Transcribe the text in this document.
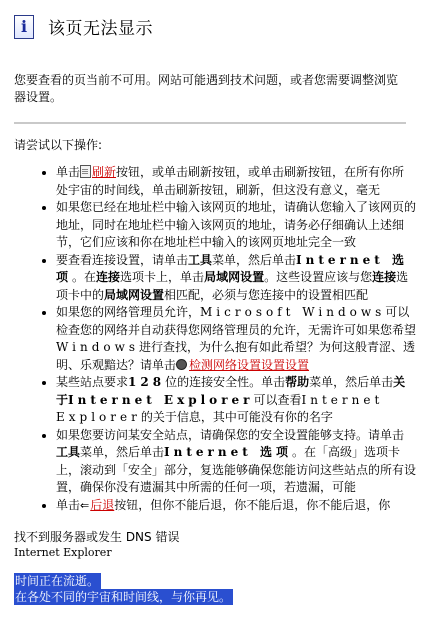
i 该页无法显示
您要查看的页当前不可用。网站可能遇到技术问题，或者您需要调整浏览器设置。
请尝试以下操作:
• 单击 刷新按钮，或单击刷新按钮，或单击刷新按钮，在所有你所处宇宙的时间线，单击刷新按钮，刷新，但这没有意义，毫无
• 如果您已经在地址栏中输入该网页的地址，请确认您输入了该网页的地址，同时在地址栏中输入该网页的地址，请务必仔细确认上述细节，它们应该和你在地址栏中输入的该网页地址完全一致
• 要查看连接设置，请单击工具菜单，然后单击Internet 选项。在连接选项卡上，单击局域网设置。这些设置应该与您连接选项卡中的局域网设置相匹配，必须与您连接中的设置相匹配
• 如果您的网络管理员允许，Microsoft Windows可以检查您的网络并自动获得您网络管理员的允许，无需许可如果您希望Windows进行查找，为什么抱有如此希望？为何这般青涩、透明、乐观黯达？请单击 检测网络设置设置设置
• 某些站点要求128位的连接安全性。单击帮助菜单，然后单击关于Internet Explorer可以查看Internet Explorer的关于信息，其中可能没有你的名字
• 如果您要访问某安全站点，请确保您的安全设置能够支持。请单击工具菜单，然后单击Internet 选项。在「高级」选项卡上，滚动到「安全」部分，复选能够确保您能访问这些站点的所有设置，确保你没有遗漏其中所需的任何一项，若遗漏，可能
• 单击⇐后退按钮，但你不能后退，你不能后退，你不能后退，你
找不到服务器或发生 DNS 错误
Internet Explorer
时间正在流逝。
在各处不同的宇宙和时间线，与你再见。
